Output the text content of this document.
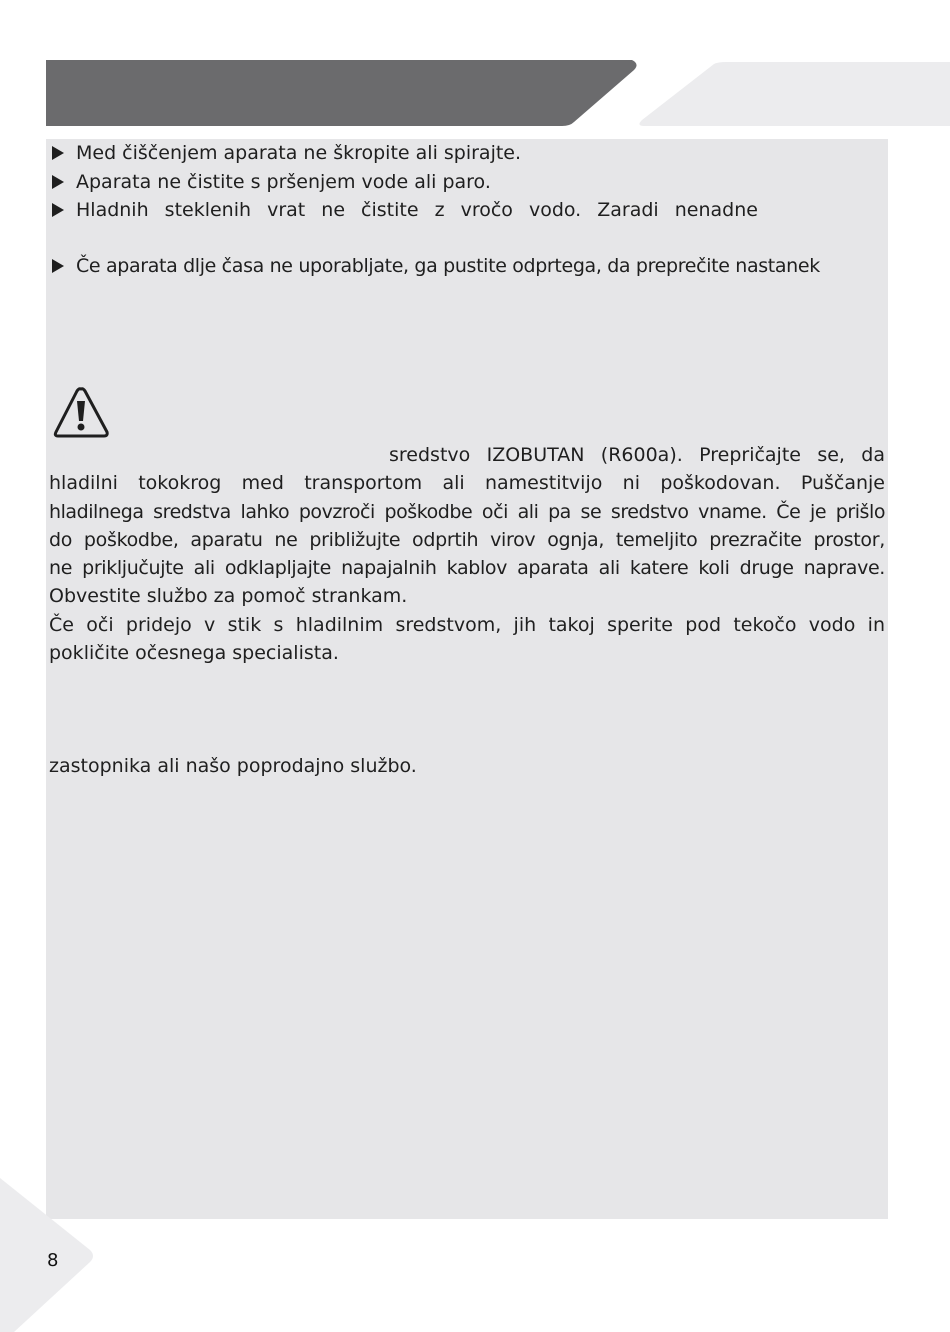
Med čiščenjem aparata ne škropite ali spirajte.
Aparata ne čistite s pršenjem vode ali paro.
Hladnih steklenih vrat ne čistite z vročo vodo. Zaradi nenadne
Če aparata dlje časa ne uporabljate, ga pustite odprtega, da preprečite nastanek
sredstvo IZOBUTAN (R600a). Prepričajte se, da
hladilni tokokrog med transportom ali namestitvijo ni poškodovan. Puščanje
hladilnega sredstva lahko povzroči poškodbe oči ali pa se sredstvo vname. Če je prišlo
do poškodbe, aparatu ne približujte odprtih virov ognja, temeljito prezračite prostor,
ne priključujte ali odklapljajte napajalnih kablov aparata ali katere koli druge naprave.
Obvestite službo za pomoč strankam.
Če oči pridejo v stik s hladilnim sredstvom, jih takoj sperite pod tekočo vodo in
pokličite očesnega specialista.
zastopnika ali našo poprodajno službo.
8
